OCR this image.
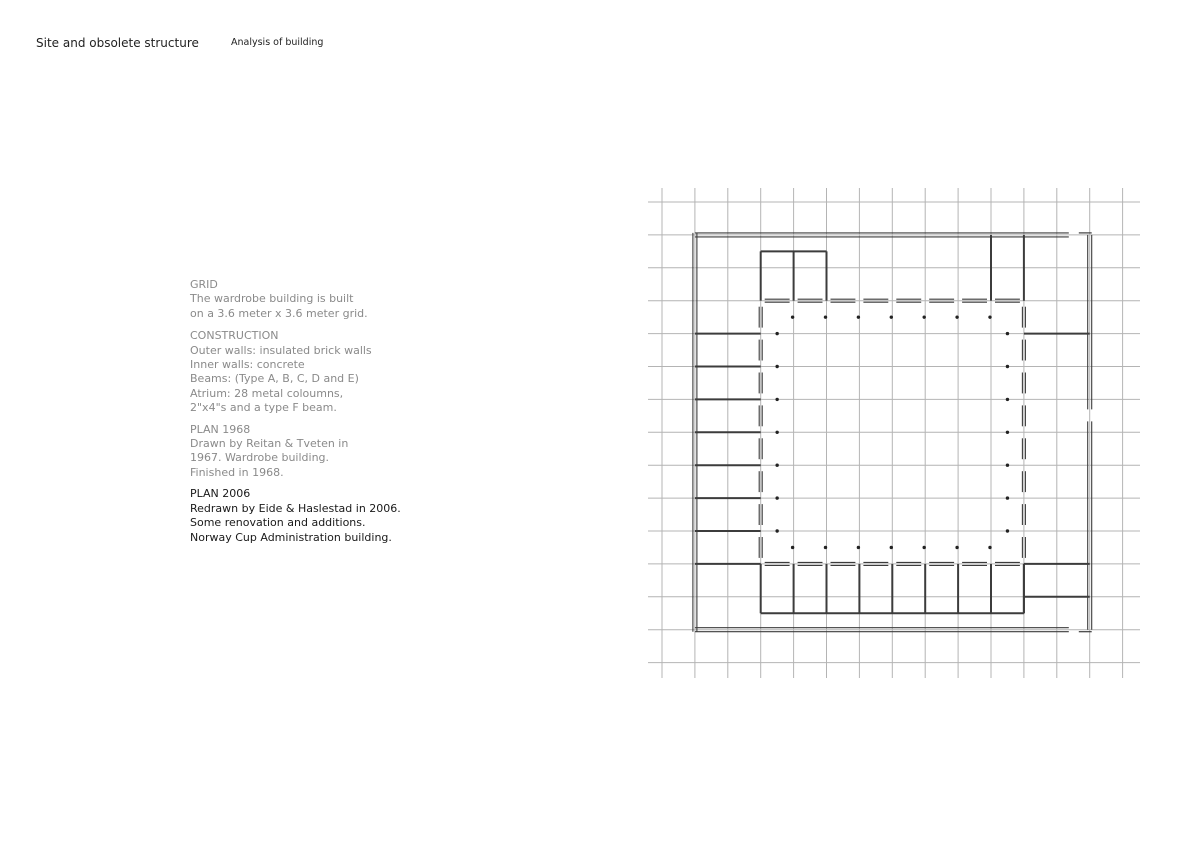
Site and obsolete structure	Analysis of building
GRID
The wardrobe building is built
on a 3.6 meter x 3.6 meter grid.
CONSTRUCTION
Outer walls: insulated brick walls
Inner walls: concrete
Beams: (Type A, B, C, D and E)
Atrium: 28 metal coloumns,
2"x4"s and a type F beam.
PLAN 1968
Drawn by Reitan & Tveten in
1967. Wardrobe building.
Finished in 1968.
PLAN 2006
Redrawn by Eide & Haslestad in 2006.
Some renovation and additions.
Norway Cup Administration building.
